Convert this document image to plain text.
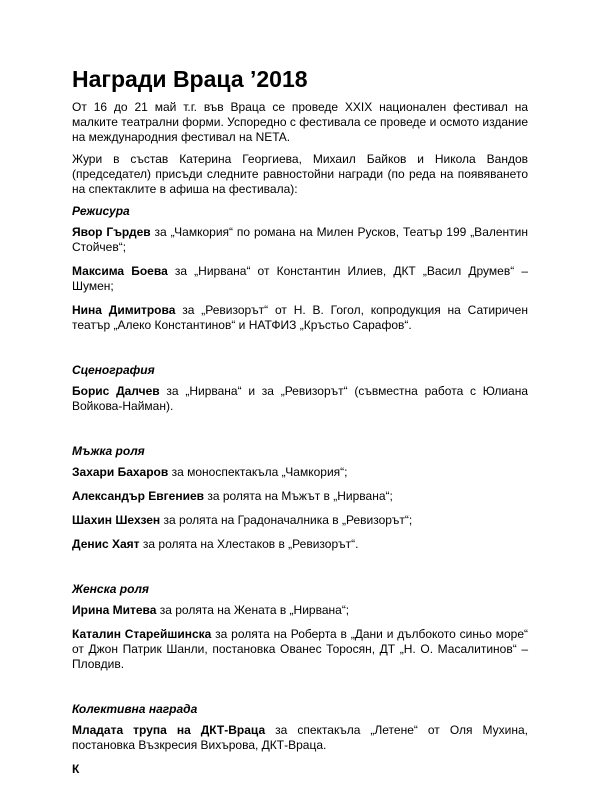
Награди Враца ’2018

От 16 до 21 май т.г. във Враца се проведе XXIX национален фестивал на малките театрални форми. Успоредно с фестивала се проведе и осмото издание на международния фестивал на NETA.

Жури в състав Катерина Георгиева, Михаил Байков и Никола Вандов (председател) присъди следните равностойни награди (по реда на появяването на спектаклите в афиша на фестивала):

Режисура
Явор Гърдев за „Чамкория“ по романа на Милен Русков, Театър 199 „Валентин Стойчев“;
Максима Боева за „Нирвана“ от Константин Илиев, ДКТ „Васил Друмев“ – Шумен;
Нина Димитрова за „Ревизорът“ от Н. В. Гогол, копродукция на Сатиричен театър „Алеко Константинов“ и НАТФИЗ „Кръстьо Сарафов“.
Сценография
Борис Далчев за „Нирвана“ и за „Ревизорът“ (съвместна работа с Юлиана Войкова-Найман).
Мъжка роля
Захари Бахаров за моноспектакъла „Чамкория“;
Александър Евгениев за ролята на Мъжът в „Нирвана“;
Шахин Шехзен за ролята на Градоначалника в „Ревизорът“;
Денис Хаят за ролята на Хлестаков в „Ревизорът“.
Женска роля
Ирина Митева за ролята на Жената в „Нирвана“;
Каталин Старейшинска за ролята на Роберта в „Дани и дълбокото синьо море“ от Джон Патрик Шанли, постановка Ованес Торосян, ДТ „Н. О. Масалитинов“ – Пловдив.
Колективна награда
Младата трупа на ДКТ-Враца за спектакъла „Летене“ от Оля Мухина, постановка Възкресия Вихърова, ДКТ-Враца.

К
